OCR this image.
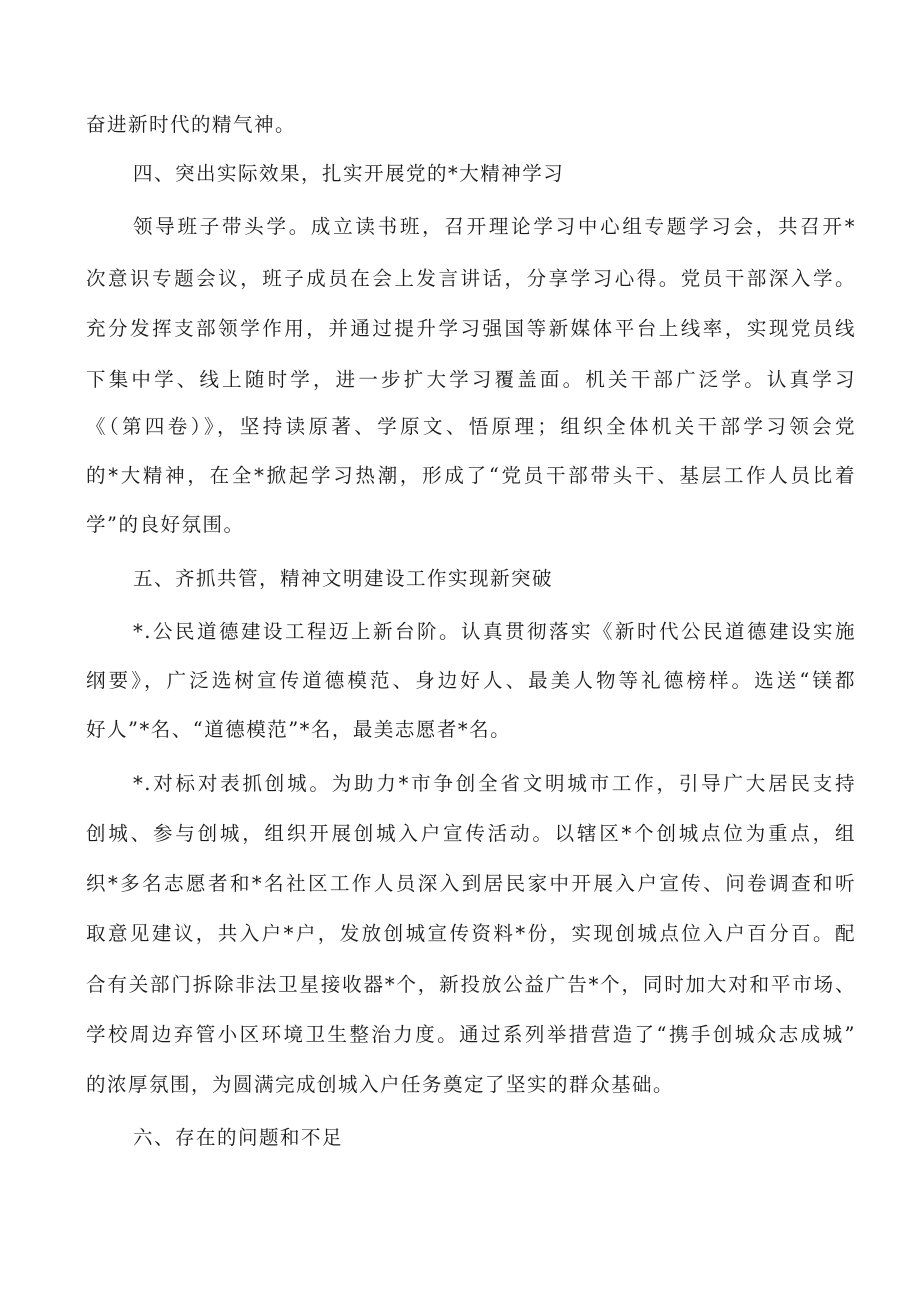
奋进新时代的精气神。
四、突出实际效果，扎实开展党的*大精神学习
领导班子带头学。成立读书班，召开理论学习中心组专题学习会，共召开*
次意识专题会议，班子成员在会上发言讲话，分享学习心得。党员干部深入学。
充分发挥支部领学作用，并通过提升学习强国等新媒体平台上线率，实现党员线
下集中学、线上随时学，进一步扩大学习覆盖面。机关干部广泛学。认真学习
《（第四卷）》，坚持读原著、学原文、悟原理；组织全体机关干部学习领会党
的*大精神，在全*掀起学习热潮，形成了“党员干部带头干、基层工作人员比着
学”的良好氛围。
五、齐抓共管，精神文明建设工作实现新突破
*.公民道德建设工程迈上新台阶。认真贯彻落实《新时代公民道德建设实施
纲要》，广泛选树宣传道德模范、身边好人、最美人物等礼德榜样。选送“镁都
好人”*名、“道德模范”*名，最美志愿者*名。
*.对标对表抓创城。为助力*市争创全省文明城市工作，引导广大居民支持
创城、参与创城，组织开展创城入户宣传活动。以辖区*个创城点位为重点，组
织*多名志愿者和*名社区工作人员深入到居民家中开展入户宣传、问卷调查和听
取意见建议，共入户*户，发放创城宣传资料*份，实现创城点位入户百分百。配
合有关部门拆除非法卫星接收器*个，新投放公益广告*个，同时加大对和平市场、
学校周边弃管小区环境卫生整治力度。通过系列举措营造了“携手创城众志成城”
的浓厚氛围，为圆满完成创城入户任务奠定了坚实的群众基础。
六、存在的问题和不足
